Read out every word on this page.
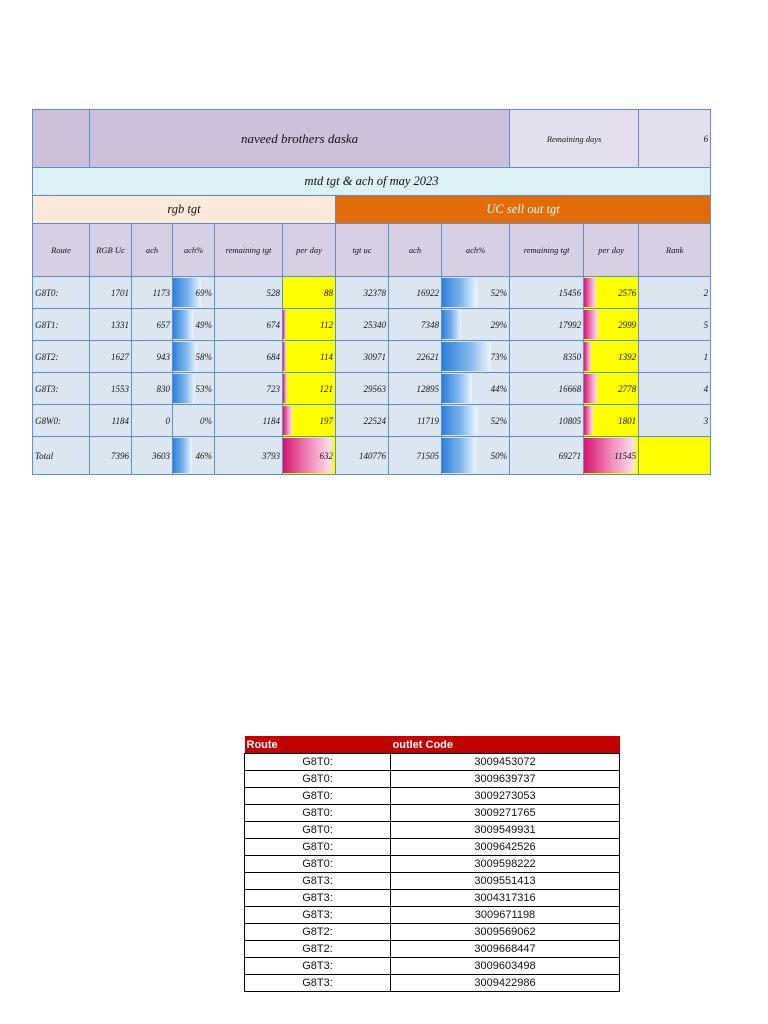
	naveed brothers daska								Remaining days		6
mtd tgt & ach of may 2023											
rgb tgt						UC sell out tgt					
Route	RGB Uc	ach	ach%	remaining tgt	per day	tgt uc	ach	ach%	remaining tgt	per day	Rank
G8T0:	1701	1173	69%	528	88	32378	16922	52%	15456	2576	2
G8T1:	1331	657	49%	674	112	25340	7348	29%	17992	2999	5
G8T2:	1627	943	58%	684	114	30971	22621	73%	8350	1392	1
G8T3:	1553	830	53%	723	121	29563	12895	44%	16668	2778	4
G8W0:	1184	0	0%	1184	197	22524	11719	52%	10805	1801	3
Total	7396	3603	46%	3793	632	140776	71505	50%	69271	11545	
Route	outlet Code
G8T0:	3009453072
G8T0:	3009639737
G8T0:	3009273053
G8T0:	3009271765
G8T0:	3009549931
G8T0:	3009642526
G8T0:	3009598222
G8T3:	3009551413
G8T3:	3004317316
G8T3:	3009671198
G8T2:	3009569062
G8T2:	3009668447
G8T3:	3009603498
G8T3:	3009422986
